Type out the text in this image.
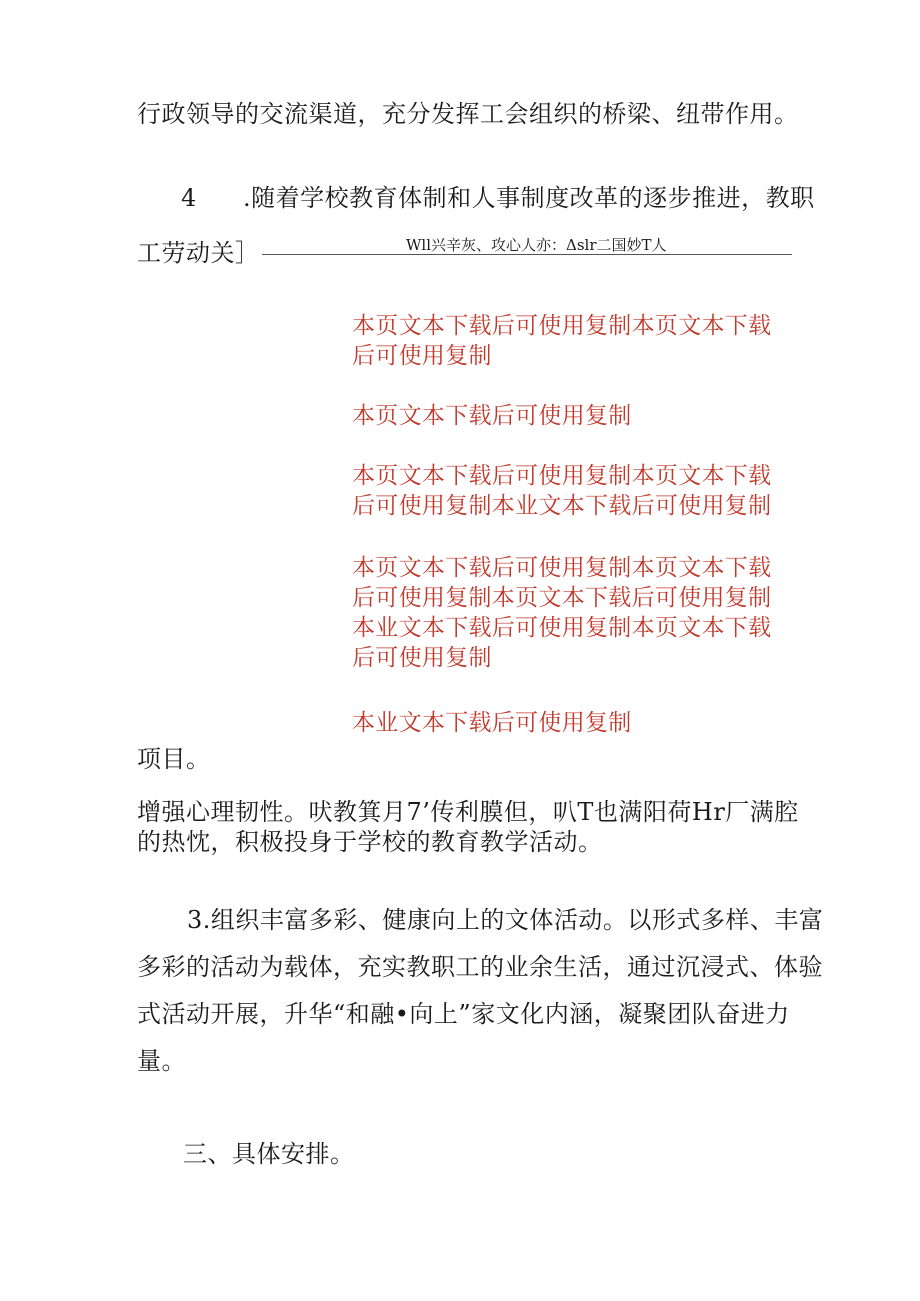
行政领导的交流渠道，充分发挥工会组织的桥梁、纽带作用。
4 .随着学校教育体制和人事制度改革的逐步推进，教职
工劳动关］	Wll兴辛灰、攻心人亦：Δslr二国妙T人
本页文本下载后可使用复制本页文本下载
后可使用复制
本页文本下载后可使用复制
本页文本下载后可使用复制本页文本下载
后可使用复制本业文本下载后可使用复制
本页文本下载后可使用复制本页文本下载
后可使用复制本页文本下载后可使用复制
本业文本下载后可使用复制本页文本下载
后可使用复制
本业文本下载后可使用复制
项目。
增强心理韧性。吠教箕月7’传利膜但，叭T也满阳荷Hr厂满腔
的热忱，积极投身于学校的教育教学活动。
3.组织丰富多彩、健康向上的文体活动。以形式多样、丰富
多彩的活动为载体，充实教职工的业余生活，通过沉浸式、体验
式活动开展，升华“和融•向上”家文化内涵，凝聚团队奋进力
量。
三、具体安排。
